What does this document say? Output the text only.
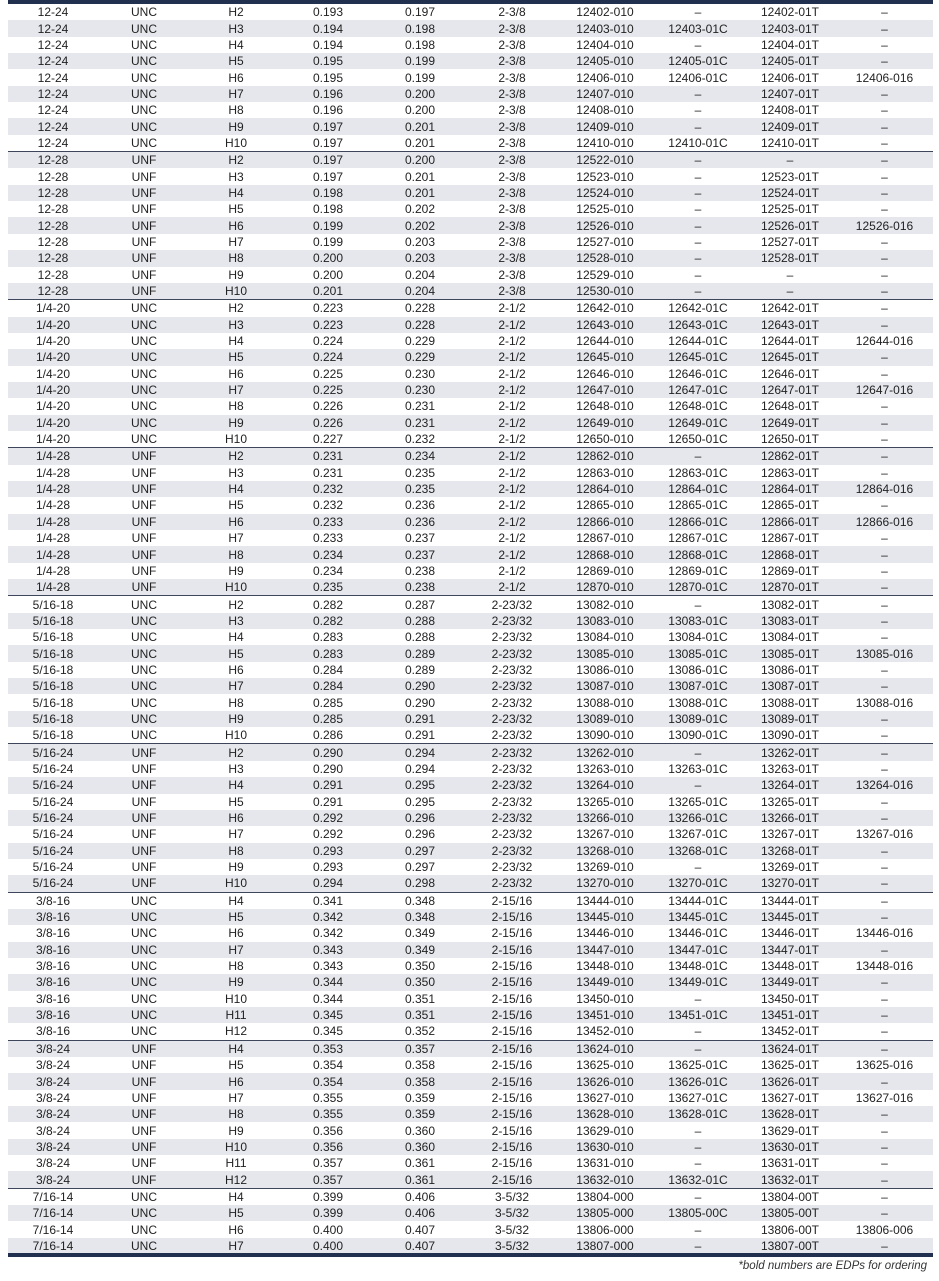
12-24	UNC	H2	0.193	0.197	2-3/8	12402-010	–	12402-01T	–
12-24	UNC	H3	0.194	0.198	2-3/8	12403-010	12403-01C	12403-01T	–
12-24	UNC	H4	0.194	0.198	2-3/8	12404-010	–	12404-01T	–
12-24	UNC	H5	0.195	0.199	2-3/8	12405-010	12405-01C	12405-01T	–
12-24	UNC	H6	0.195	0.199	2-3/8	12406-010	12406-01C	12406-01T	12406-016
12-24	UNC	H7	0.196	0.200	2-3/8	12407-010	–	12407-01T	–
12-24	UNC	H8	0.196	0.200	2-3/8	12408-010	–	12408-01T	–
12-24	UNC	H9	0.197	0.201	2-3/8	12409-010	–	12409-01T	–
12-24	UNC	H10	0.197	0.201	2-3/8	12410-010	12410-01C	12410-01T	–
12-28	UNF	H2	0.197	0.200	2-3/8	12522-010	–	–	–
12-28	UNF	H3	0.197	0.201	2-3/8	12523-010	–	12523-01T	–
12-28	UNF	H4	0.198	0.201	2-3/8	12524-010	–	12524-01T	–
12-28	UNF	H5	0.198	0.202	2-3/8	12525-010	–	12525-01T	–
12-28	UNF	H6	0.199	0.202	2-3/8	12526-010	–	12526-01T	12526-016
12-28	UNF	H7	0.199	0.203	2-3/8	12527-010	–	12527-01T	–
12-28	UNF	H8	0.200	0.203	2-3/8	12528-010	–	12528-01T	–
12-28	UNF	H9	0.200	0.204	2-3/8	12529-010	–	–	–
12-28	UNF	H10	0.201	0.204	2-3/8	12530-010	–	–	–
1/4-20	UNC	H2	0.223	0.228	2-1/2	12642-010	12642-01C	12642-01T	–
1/4-20	UNC	H3	0.223	0.228	2-1/2	12643-010	12643-01C	12643-01T	–
1/4-20	UNC	H4	0.224	0.229	2-1/2	12644-010	12644-01C	12644-01T	12644-016
1/4-20	UNC	H5	0.224	0.229	2-1/2	12645-010	12645-01C	12645-01T	–
1/4-20	UNC	H6	0.225	0.230	2-1/2	12646-010	12646-01C	12646-01T	–
1/4-20	UNC	H7	0.225	0.230	2-1/2	12647-010	12647-01C	12647-01T	12647-016
1/4-20	UNC	H8	0.226	0.231	2-1/2	12648-010	12648-01C	12648-01T	–
1/4-20	UNC	H9	0.226	0.231	2-1/2	12649-010	12649-01C	12649-01T	–
1/4-20	UNC	H10	0.227	0.232	2-1/2	12650-010	12650-01C	12650-01T	–
1/4-28	UNF	H2	0.231	0.234	2-1/2	12862-010	–	12862-01T	–
1/4-28	UNF	H3	0.231	0.235	2-1/2	12863-010	12863-01C	12863-01T	–
1/4-28	UNF	H4	0.232	0.235	2-1/2	12864-010	12864-01C	12864-01T	12864-016
1/4-28	UNF	H5	0.232	0.236	2-1/2	12865-010	12865-01C	12865-01T	–
1/4-28	UNF	H6	0.233	0.236	2-1/2	12866-010	12866-01C	12866-01T	12866-016
1/4-28	UNF	H7	0.233	0.237	2-1/2	12867-010	12867-01C	12867-01T	–
1/4-28	UNF	H8	0.234	0.237	2-1/2	12868-010	12868-01C	12868-01T	–
1/4-28	UNF	H9	0.234	0.238	2-1/2	12869-010	12869-01C	12869-01T	–
1/4-28	UNF	H10	0.235	0.238	2-1/2	12870-010	12870-01C	12870-01T	–
5/16-18	UNC	H2	0.282	0.287	2-23/32	13082-010	–	13082-01T	–
5/16-18	UNC	H3	0.282	0.288	2-23/32	13083-010	13083-01C	13083-01T	–
5/16-18	UNC	H4	0.283	0.288	2-23/32	13084-010	13084-01C	13084-01T	–
5/16-18	UNC	H5	0.283	0.289	2-23/32	13085-010	13085-01C	13085-01T	13085-016
5/16-18	UNC	H6	0.284	0.289	2-23/32	13086-010	13086-01C	13086-01T	–
5/16-18	UNC	H7	0.284	0.290	2-23/32	13087-010	13087-01C	13087-01T	–
5/16-18	UNC	H8	0.285	0.290	2-23/32	13088-010	13088-01C	13088-01T	13088-016
5/16-18	UNC	H9	0.285	0.291	2-23/32	13089-010	13089-01C	13089-01T	–
5/16-18	UNC	H10	0.286	0.291	2-23/32	13090-010	13090-01C	13090-01T	–
5/16-24	UNF	H2	0.290	0.294	2-23/32	13262-010	–	13262-01T	–
5/16-24	UNF	H3	0.290	0.294	2-23/32	13263-010	13263-01C	13263-01T	–
5/16-24	UNF	H4	0.291	0.295	2-23/32	13264-010	–	13264-01T	13264-016
5/16-24	UNF	H5	0.291	0.295	2-23/32	13265-010	13265-01C	13265-01T	–
5/16-24	UNF	H6	0.292	0.296	2-23/32	13266-010	13266-01C	13266-01T	–
5/16-24	UNF	H7	0.292	0.296	2-23/32	13267-010	13267-01C	13267-01T	13267-016
5/16-24	UNF	H8	0.293	0.297	2-23/32	13268-010	13268-01C	13268-01T	–
5/16-24	UNF	H9	0.293	0.297	2-23/32	13269-010	–	13269-01T	–
5/16-24	UNF	H10	0.294	0.298	2-23/32	13270-010	13270-01C	13270-01T	–
3/8-16	UNC	H4	0.341	0.348	2-15/16	13444-010	13444-01C	13444-01T	–
3/8-16	UNC	H5	0.342	0.348	2-15/16	13445-010	13445-01C	13445-01T	–
3/8-16	UNC	H6	0.342	0.349	2-15/16	13446-010	13446-01C	13446-01T	13446-016
3/8-16	UNC	H7	0.343	0.349	2-15/16	13447-010	13447-01C	13447-01T	–
3/8-16	UNC	H8	0.343	0.350	2-15/16	13448-010	13448-01C	13448-01T	13448-016
3/8-16	UNC	H9	0.344	0.350	2-15/16	13449-010	13449-01C	13449-01T	–
3/8-16	UNC	H10	0.344	0.351	2-15/16	13450-010	–	13450-01T	–
3/8-16	UNC	H11	0.345	0.351	2-15/16	13451-010	13451-01C	13451-01T	–
3/8-16	UNC	H12	0.345	0.352	2-15/16	13452-010	–	13452-01T	–
3/8-24	UNF	H4	0.353	0.357	2-15/16	13624-010	–	13624-01T	–
3/8-24	UNF	H5	0.354	0.358	2-15/16	13625-010	13625-01C	13625-01T	13625-016
3/8-24	UNF	H6	0.354	0.358	2-15/16	13626-010	13626-01C	13626-01T	–
3/8-24	UNF	H7	0.355	0.359	2-15/16	13627-010	13627-01C	13627-01T	13627-016
3/8-24	UNF	H8	0.355	0.359	2-15/16	13628-010	13628-01C	13628-01T	–
3/8-24	UNF	H9	0.356	0.360	2-15/16	13629-010	–	13629-01T	–
3/8-24	UNF	H10	0.356	0.360	2-15/16	13630-010	–	13630-01T	–
3/8-24	UNF	H11	0.357	0.361	2-15/16	13631-010	–	13631-01T	–
3/8-24	UNF	H12	0.357	0.361	2-15/16	13632-010	13632-01C	13632-01T	–
7/16-14	UNC	H4	0.399	0.406	3-5/32	13804-000	–	13804-00T	–
7/16-14	UNC	H5	0.399	0.406	3-5/32	13805-000	13805-00C	13805-00T	–
7/16-14	UNC	H6	0.400	0.407	3-5/32	13806-000	–	13806-00T	13806-006
7/16-14	UNC	H7	0.400	0.407	3-5/32	13807-000	–	13807-00T	–
*bold numbers are EDPs for ordering
